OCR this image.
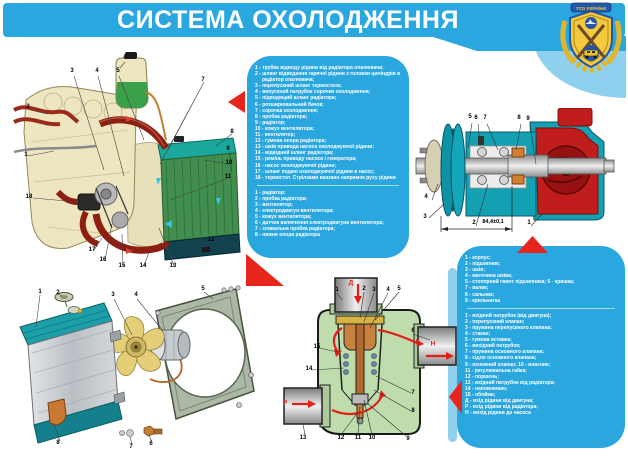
СИСТЕМА ОХОЛОДЖЕННЯ	ТСО УКРАЇНИ
6
3	4	5
7
2
1
8
9
10
11
18
12
17
16
15 14	13
1 2	3	4
5
8
7	6
5 6 7	8 9
4
3
2	1
84,4±0,1
Д
1	2 3 4 5
6
Н
15
14
7
8
9
Р
13	12 11 10
1 - трубка відводу рідини від радіатора опалювача;
2 - шланг відведення гарячої рідини з головки циліндрів в радіатор опалювача;
3 - перепускний шланг термостата;
4 - випускний патрубок сорочки охолодження;
5 - підводящий шланг радіатора;
6 - розширювальний бачок;
7 - сорочка охолодження;
8 - пробка радіатора;
9 - радіатор;
10 - кожух вентилятора;
11 - вентилятор;
12 - гумова опора радіатора;
13 - шків привода насоса охолоджуючої рідини;
14 - відвідний шланг радіатора;
15 - ремінь приводу насоса і генератора;
16 - насос охолоджуючої рідини;
17 - шланг подачі охолоджуючої рідини в насос;
18 - термостат. Стрілками вказано напрямок руху рідини
1 - радіатор;
2 - пробка радіатора;
3 - вентилятор;
4 - електродвигун вентилятора;
5 - кожух вентилятора;
6 - датчик включення електродвигуна вентилятора;
7 - зливальна пробка радіатора;
8 - нижня опора радіатора
1 - корпус;
2 - підшипник;
3 - шків;
4 - маточина шківа;
5 - стопорний гвинт підшипника; 6 - кришка;
7 - валик;
8 - сальник;
9 - крильчатка
1 - вхідний патрубок (від двигуна);
2 - перепускний клапан;
3 - пружина перепускного клапана;
4 - стакан;
5 - гумова вставка;
6 - вихідний патрубок;
7 - пружина основного клапана;
8 - сідло основного клапана;
9 - основний клапан; 10 - власник;
11 - регулювальна гайка;
12 - поршень;
13 - вхідний патрубок від радіатора;
14 - наповнювач;
15 - обойма;
Д - вхід рідини від двигуна;
Р - вхід рідини від радіатора;
Н - вихід рідини до насоса
